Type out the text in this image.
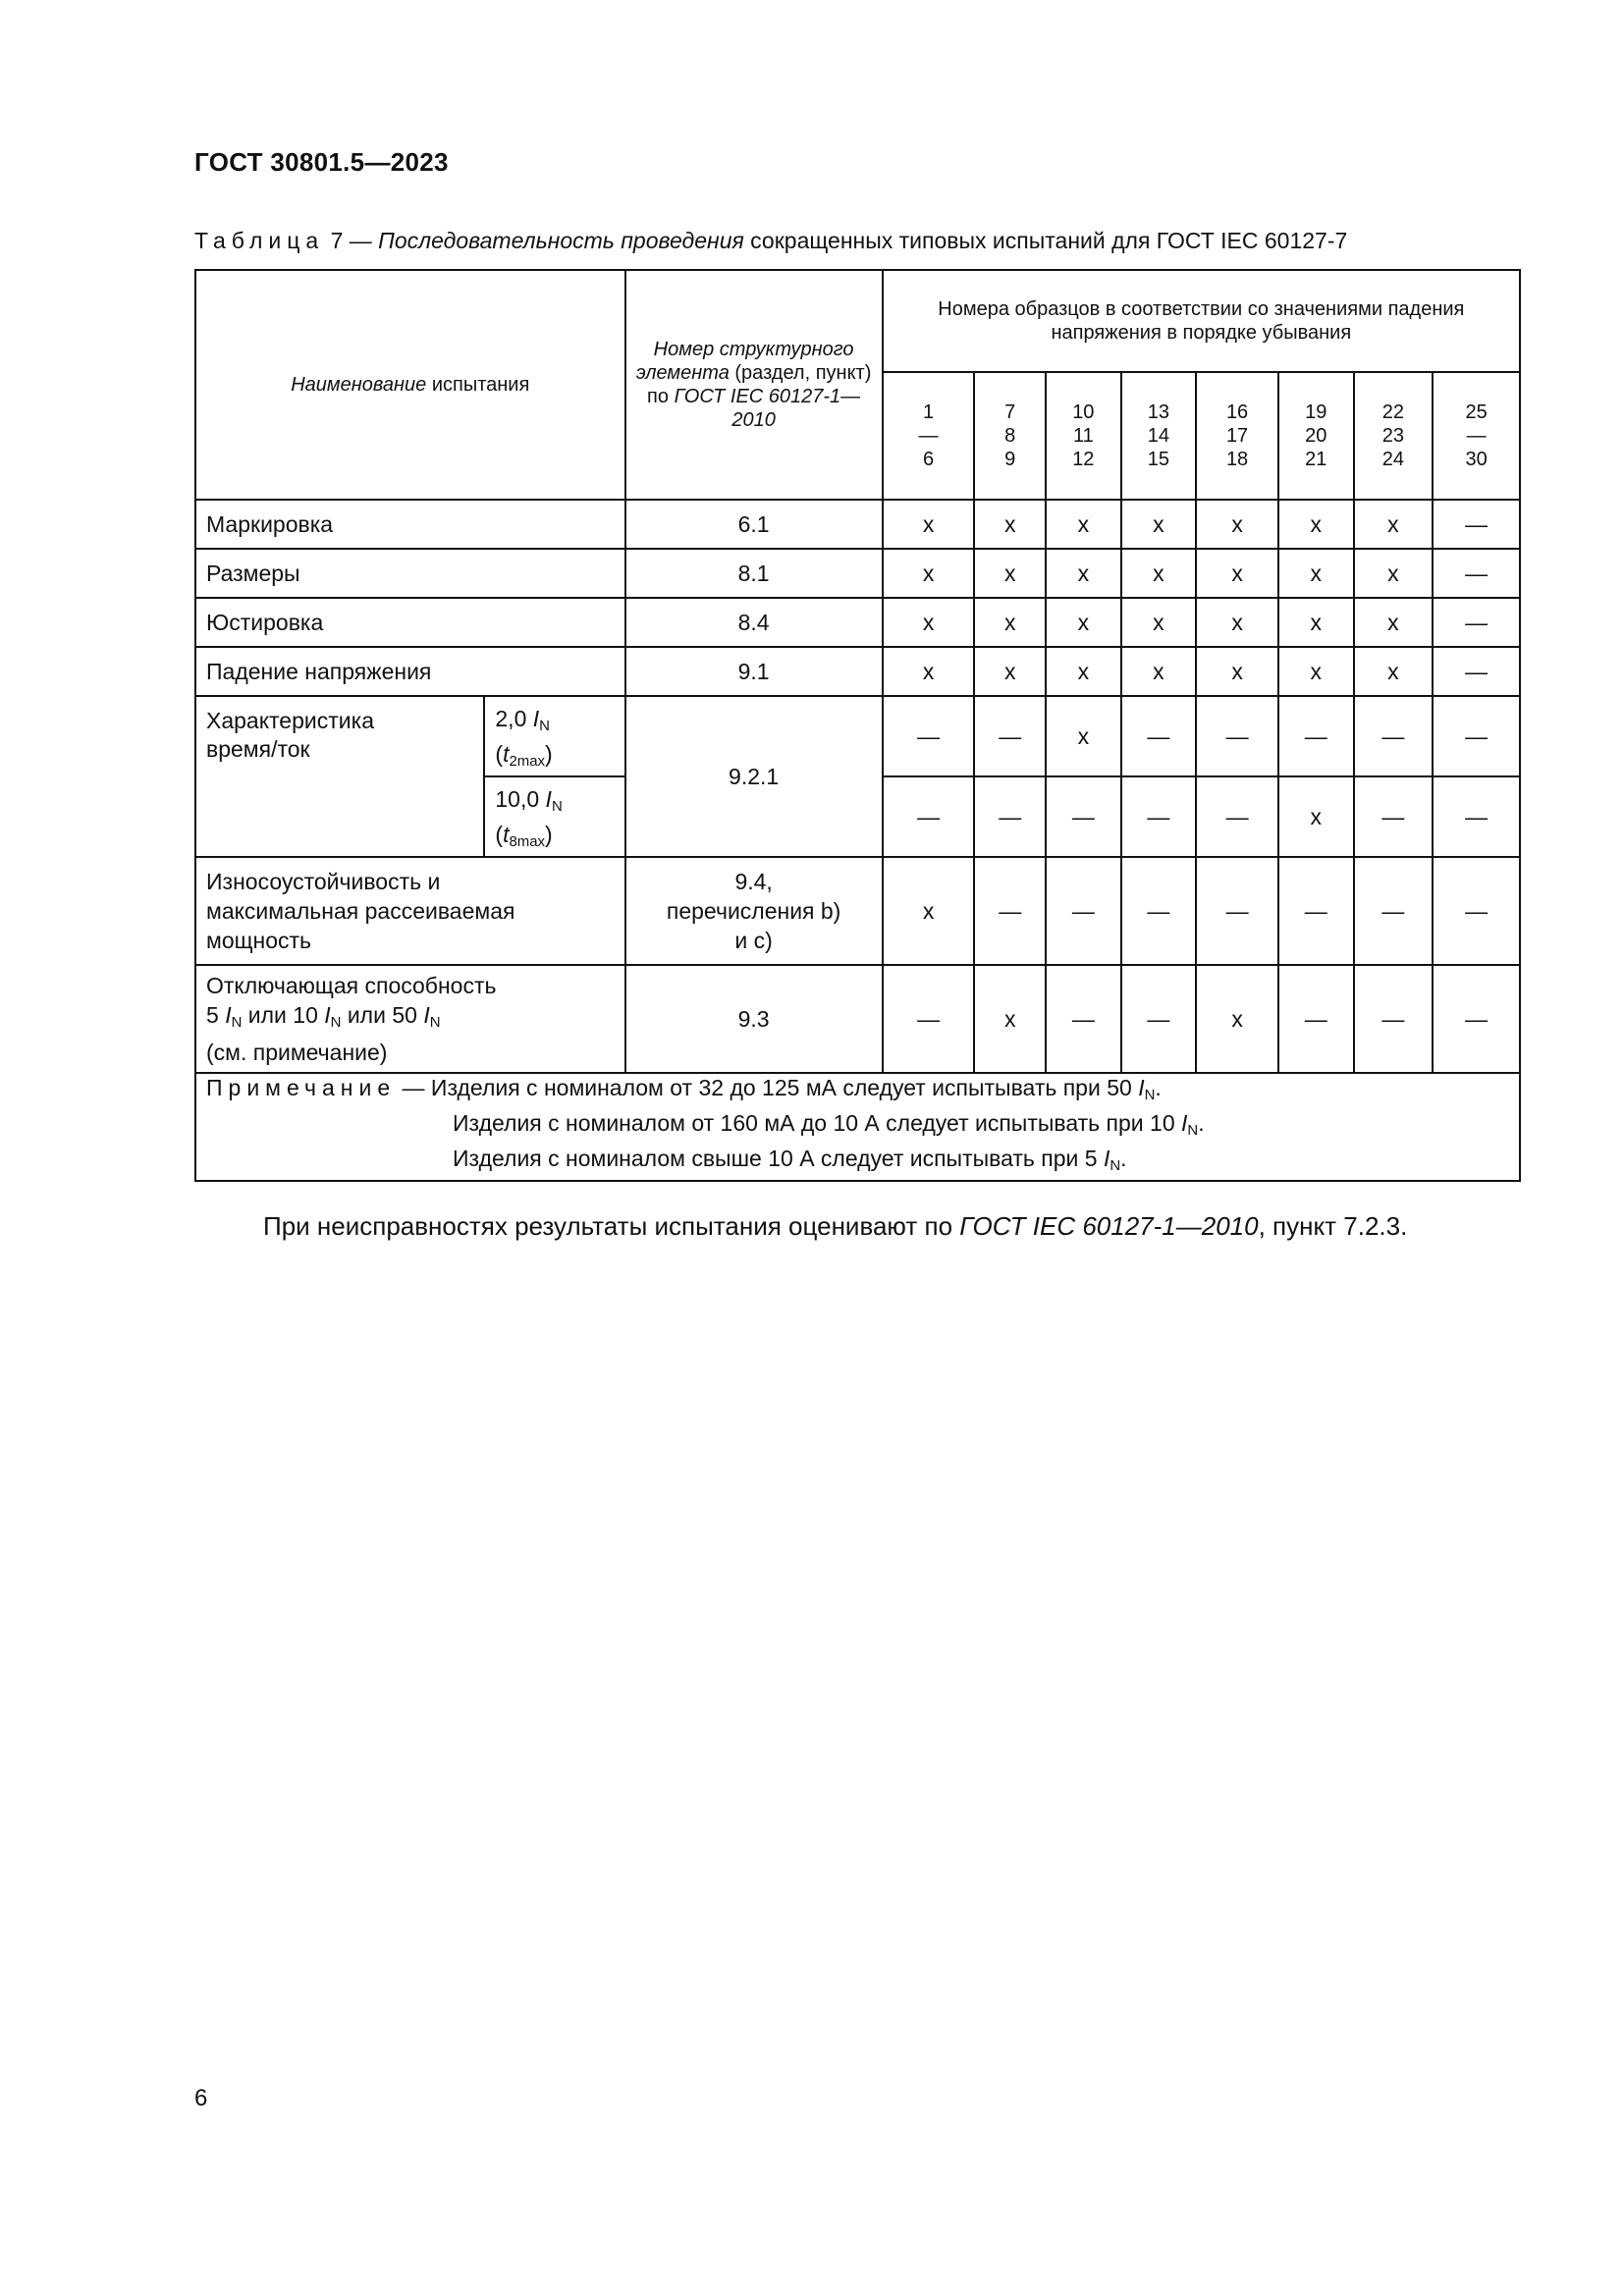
ГОСТ 30801.5—2023
Таблица 7 — Последовательность проведения сокращенных типовых испытаний для ГОСТ IEC 60127-7
Наименование испытания		Номер структурного элемента (раздел, пункт) по ГОСТ IEC 60127-1—2010	Номера образцов в соответствии со значениями падения напряжения в порядке убывания							

			1
—
6	7
8
9	10
11
12	13
14
15	16
17
18	19
20
21	22
23
24	25
—
30

Маркировка		6.1	x	x	x	x	x	x	x	—
Размеры		8.1	x	x	x	x	x	x	x	—
Юстировка		8.4	x	x	x	x	x	x	x	—
Падение напряжения		9.1	x	x	x	x	x	x	x	—
Характеристика
время/ток	2,0 $I_N$
$(t_{2max})$	9.2.1	—	—	x	—	—	—	—	—
	10,0 $I_N$
$(t_{8max})$		—	—	—	—	—	x	—	—
Износоустойчивость и
максимальная рассеиваемая
мощность		9.4,
перечисления b)
и с)	x	—	—	—	—	—	—	—
Отключающая способность
5 $I_N$ или 10 $I_N$ или 50 $I_N$
(см. примечание)		9.3	—	x	—	—	x	—	—	—

Примечание — Изделия с номиналом от 32 до 125 мА следует испытывать при 50 $I_N$.
Изделия с номиналом от 160 мА до 10 А следует испытывать при 10 $I_N$.
Изделия с номиналом свыше 10 А следует испытывать при 5 $I_N$.										
При неисправностях результаты испытания оценивают по ГОСТ IEC 60127-1—2010, пункт 7.2.3.
6
